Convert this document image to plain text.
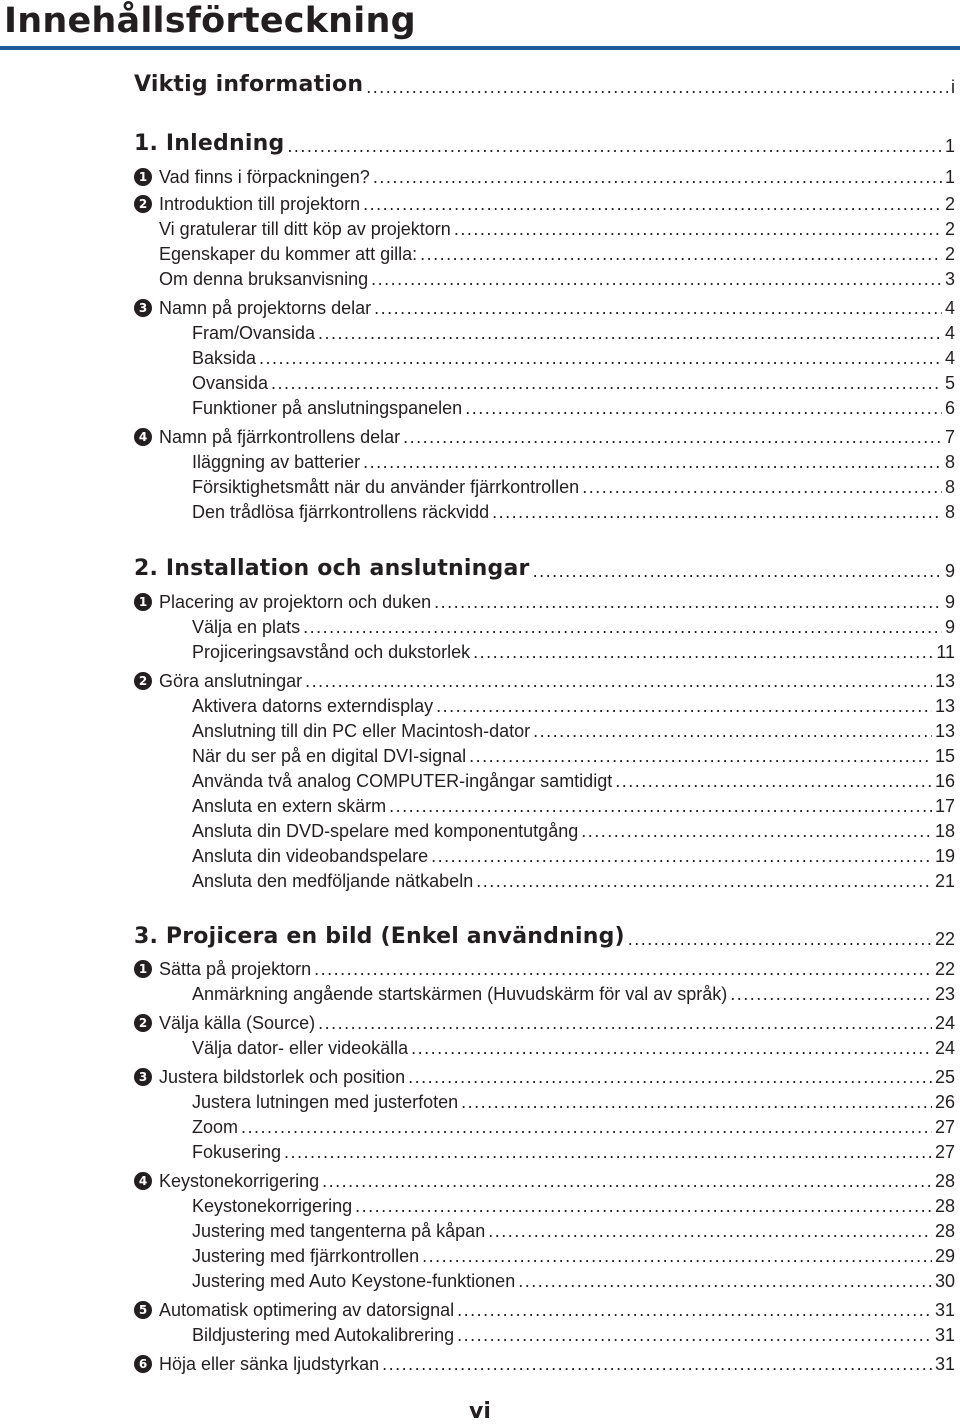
Innehållsförteckning
Viktig information .....	i
1. Inledning .....	1
1 Vad finns i förpackningen? .....	1
2 Introduktion till projektorn .....	2
Vi gratulerar till ditt köp av projektorn .....	2
Egenskaper du kommer att gilla: .....	2
Om denna bruksanvisning .....	3
3 Namn på projektorns delar .....	4
Fram/Ovansida .....	4
Baksida .....	4
Ovansida .....	5
Funktioner på anslutningspanelen .....	6
4 Namn på fjärrkontrollens delar .....	7
Iläggning av batterier .....	8
Försiktighetsmått när du använder fjärrkontrollen .....	8
Den trådlösa fjärrkontrollens räckvidd .....	8
2. Installation och anslutningar .....	9
1 Placering av projektorn och duken .....	9
Välja en plats .....	9
Projiceringsavstånd och dukstorlek .....	11
2 Göra anslutningar .....	13
Aktivera datorns externdisplay .....	13
Anslutning till din PC eller Macintosh-dator .....	13
När du ser på en digital DVI-signal .....	15
Använda två analog COMPUTER-ingångar samtidigt .....	16
Ansluta en extern skärm .....	17
Ansluta din DVD-spelare med komponentutgång .....	18
Ansluta din videobandspelare .....	19
Ansluta den medföljande nätkabeln .....	21
3. Projicera en bild (Enkel användning) .....	22
1 Sätta på projektorn .....	22
Anmärkning angående startskärmen (Huvudskärm för val av språk) .....	23
2 Välja källa (Source) .....	24
Välja dator- eller videokälla .....	24
3 Justera bildstorlek och position .....	25
Justera lutningen med justerfoten .....	26
Zoom .....	27
Fokusering .....	27
4 Keystonekorrigering .....	28
Keystonekorrigering .....	28
Justering med tangenterna på kåpan .....	28
Justering med fjärrkontrollen .....	29
Justering med Auto Keystone-funktionen .....	30
5 Automatisk optimering av datorsignal .....	31
Bildjustering med Autokalibrering .....	31
6 Höja eller sänka ljudstyrkan .....	31
vi
